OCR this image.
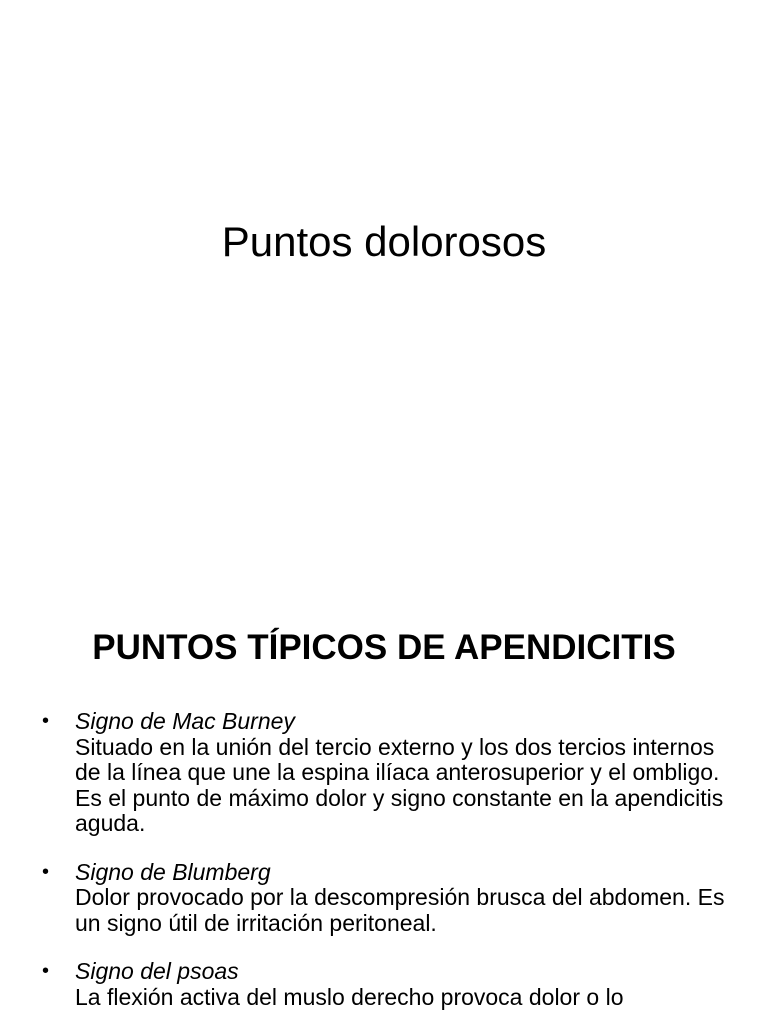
Puntos dolorosos
PUNTOS TÍPICOS DE APENDICITIS
• Signo de Mac Burney
Situado en la unión del tercio externo y los dos tercios internos de la línea que une la espina ilíaca anterosuperior y el ombligo. Es el punto de máximo dolor y signo constante en la apendicitis aguda.
• Signo de Blumberg
Dolor provocado por la descompresión brusca del abdomen. Es un signo útil de irritación peritoneal.
• Signo del psoas
La flexión activa del muslo derecho provoca dolor o lo
